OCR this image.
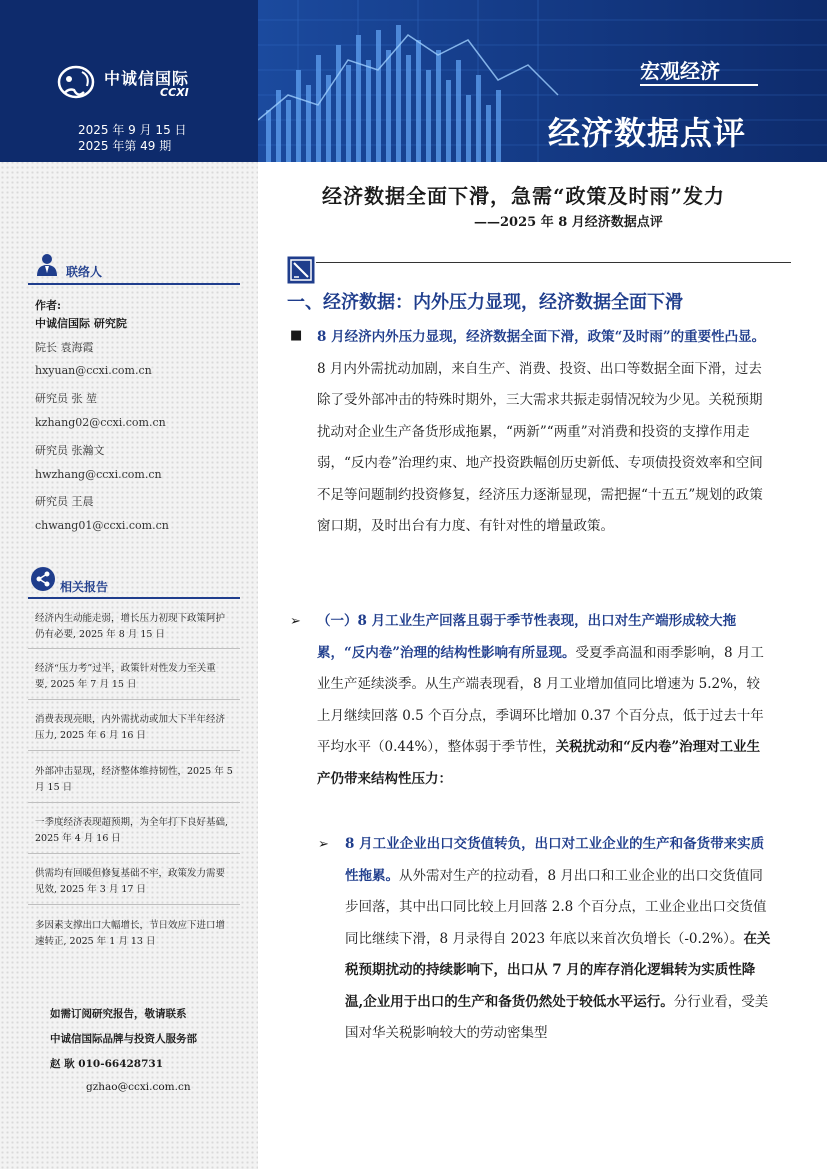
中诚信国际
CCXI
2025 年 9 月 15 日
2025 年第 49 期
宏观经济
经济数据点评
经济数据全面下滑，急需“政策及时雨”发力
——2025 年 8 月经济数据点评
联络人
作者:
中诚信国际 研究院
院长 袁海霞
hxyuan@ccxi.com.cn
研究员 张 堃
kzhang02@ccxi.com.cn
研究员 张瀚文
hwzhang@ccxi.com.cn
研究员 王晨
chwang01@ccxi.com.cn
相关报告
经济内生动能走弱，增长压力初现下政策阿护
仍有必要, 2025 年 8 月 15 日
经济“压力考”过半，政策针对性发力至关重
要, 2025 年 7 月 15 日
消费表现亮眼，内外需扰动或加大下半年经济
压力, 2025 年 6 月 16 日
外部冲击显现，经济整体维持韧性，2025 年 5
月 15 日
一季度经济表现超预期，为全年打下良好基础,
2025 年 4 月 16 日
供需均有回暖但修复基础不牢，政策发力需要
见效, 2025 年 3 月 17 日
多因素支撑出口大幅增长，节日效应下进口增
速转正, 2025 年 1 月 13 日
如需订阅研究报告，敬请联系
中诚信国际品牌与投资人服务部
赵 耿 010-66428731
gzhao@ccxi.com.cn
一、经济数据：内外压力显现，经济数据全面下滑
■ 8 月经济内外压力显现，经济数据全面下滑，政策“及时雨”的重要性凸显。8 月内外需扰动加剧，来自生产、消费、投资、出口等数据全面下滑，过去除了受外部冲击的特殊时期外，三大需求共振走弱情况较为少见。关税预期扰动对企业生产备货形成拖累，“两新”“两重”对消费和投资的支撑作用走弱，“反内卷”治理约束、地产投资跌幅创历史新低、专项债投资效率和空间不足等问题制约投资修复，经济压力逐渐显现，需把握“十五五”规划的政策窗口期，及时出台有力度、有针对性的增量政策。
➢ （一）8 月工业生产回落且弱于季节性表现，出口对生产端形成较大拖累，“反内卷”治理的结构性影响有所显现。受夏季高温和雨季影响，8 月工业生产延续淡季。从生产端表现看，8 月工业增加值同比增速为 5.2%，较上月继续回落 0.5 个百分点，季调环比增加 0.37 个百分点，低于过去十年平均水平（0.44%），整体弱于季节性，关税扰动和“反内卷”治理对工业生产仍带来结构性压力：
➢ 8 月工业企业出口交货值转负，出口对工业企业的生产和备货带来实质性拖累。从外需对生产的拉动看，8 月出口和工业企业的出口交货值同步回落，其中出口同比较上月回落 2.8 个百分点，工业企业出口交货值同比继续下滑，8 月录得自 2023 年底以来首次负增长（-0.2%）。在关税预期扰动的持续影响下，出口从 7 月的库存消化逻辑转为实质性降温,企业用于出口的生产和备货仍然处于较低水平运行。分行业看，受美国对华关税影响较大的劳动密集型
